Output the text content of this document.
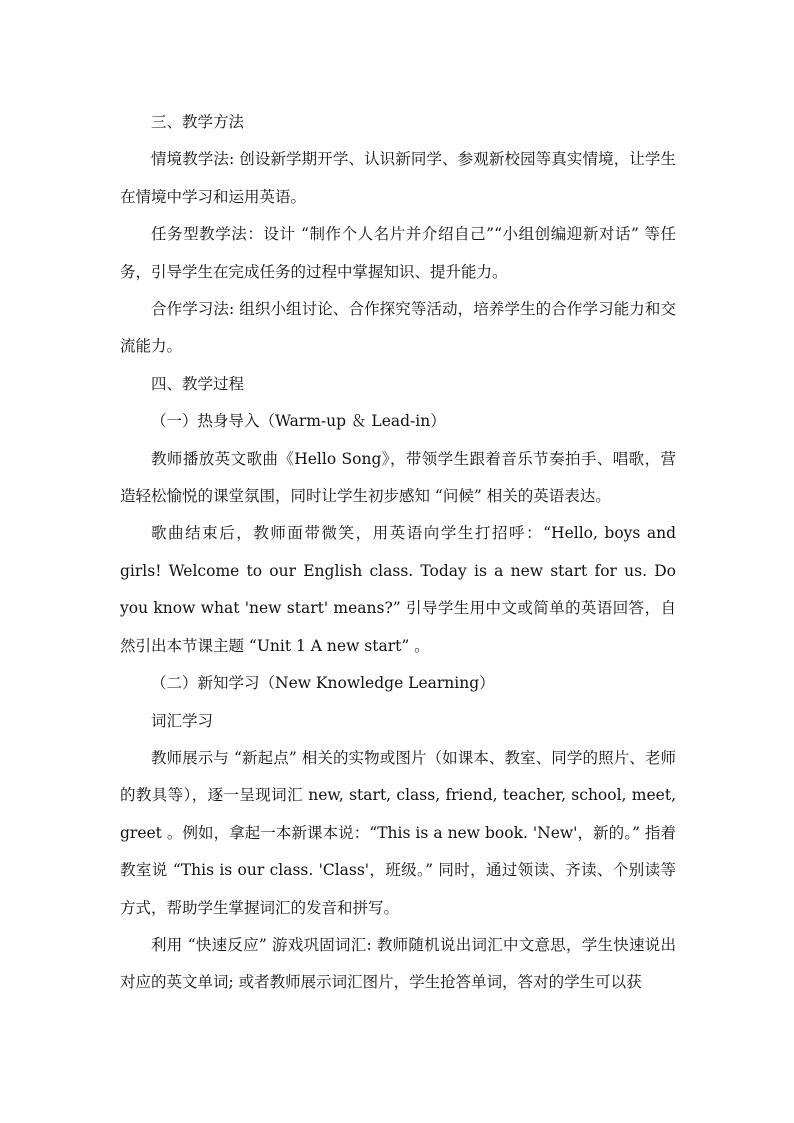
三、教学方法

情境教学法: 创设新学期开学、认识新同学、参观新校园等真实情境，让学生在情境中学习和运用英语。

任务型教学法：设计 “制作个人名片并介绍自己”“小组创编迎新对话” 等任务，引导学生在完成任务的过程中掌握知识、提升能力。

合作学习法: 组织小组讨论、合作探究等活动，培养学生的合作学习能力和交流能力。

四、教学过程

（一）热身导入（Warm-up ＆ Lead-in）

教师播放英文歌曲《Hello Song》，带领学生跟着音乐节奏拍手、唱歌，营造轻松愉悦的课堂氛围，同时让学生初步感知 “问候” 相关的英语表达。

歌曲结束后，教师面带微笑，用英语向学生打招呼：“Hello, boys and girls! Welcome to our English class. Today is a new start for us. Do you know what 'new start' means?” 引导学生用中文或简单的英语回答，自然引出本节课主题 “Unit 1 A new start” 。

（二）新知学习（New Knowledge Learning）

词汇学习

教师展示与 “新起点” 相关的实物或图片（如课本、教室、同学的照片、老师的教具等），逐一呈现词汇 new, start, class, friend, teacher, school, meet, greet 。例如，拿起一本新课本说：“This is a new book. 'New'，新的。” 指着教室说 “This is our class. 'Class'，班级。” 同时，通过领读、齐读、个别读等方式，帮助学生掌握词汇的发音和拼写。

利用 “快速反应” 游戏巩固词汇: 教师随机说出词汇中文意思，学生快速说出对应的英文单词; 或者教师展示词汇图片，学生抢答单词，答对的学生可以获
